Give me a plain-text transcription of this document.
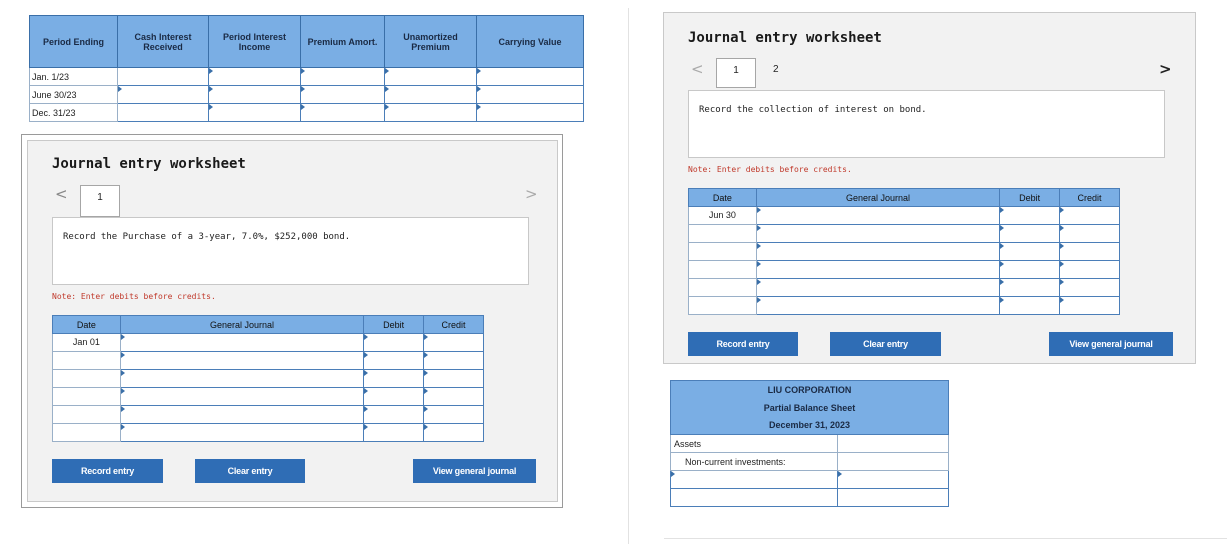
Period Ending	Cash Interest Received	Period Interest Income	Premium Amort.	Unamortized Premium	Carrying Value
Jan. 1/23		

June 30/23	

Dec. 31/23		

Journal entry worksheet
<	1	>
Record the Purchase of a 3-year, 7.0%, $252,000 bond.
Note: Enter debits before credits.
Date	General Journal	Debit	Credit
Jan 01	

Record entry	Clear entry	View general journal
Journal entry worksheet
<	1	2	>
Record the collection of interest on bond.
Note: Enter debits before credits.
Date	General Journal	Debit	Credit
Jun 30	

Record entry	Clear entry	View general journal
LIU CORPORATION	
Partial Balance Sheet	
December 31, 2023	
Assets	
Non-current investments:	
